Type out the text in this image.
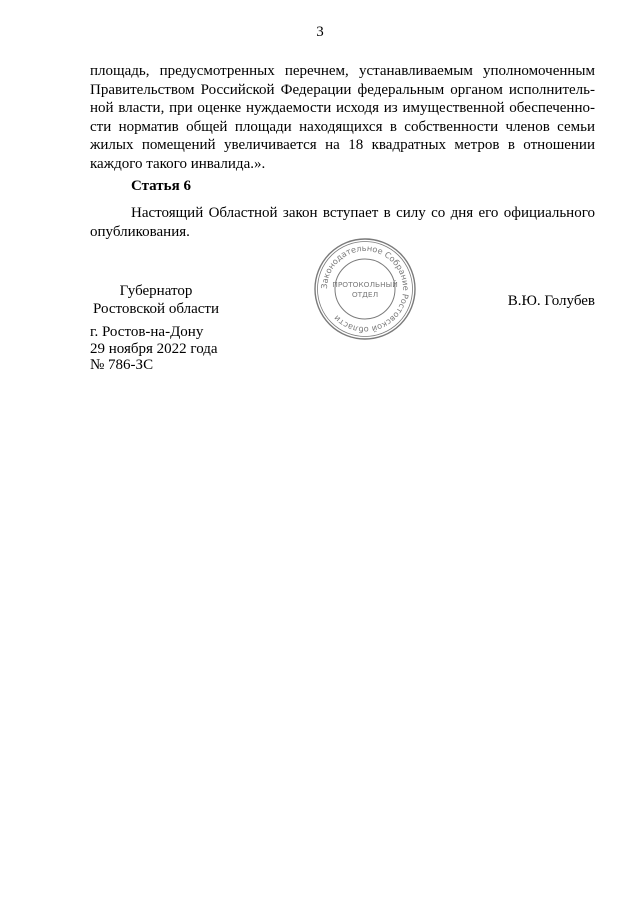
3
площадь, предусмотренных перечнем, устанавливаемым уполномоченным
Правительством Российской Федерации федеральным органом исполнитель-
ной власти, при оценке нуждаемости исходя из имущественной обеспеченно-
сти норматив общей площади находящихся в собственности членов семьи
жилых помещений увеличивается на 18 квадратных метров в отношении
каждого такого инвалида.».
Статья 6
Настоящий Областной закон вступает в силу со дня его официального
опубликования.
Губернатор
Ростовской области
Законодательное Собрание Ростовской области
ПРОТОКОЛЬНЫЙ
ОТДЕЛ	В.Ю. Голубев
г. Ростов-на-Дону
29 ноября 2022 года
№ 786-ЗС
